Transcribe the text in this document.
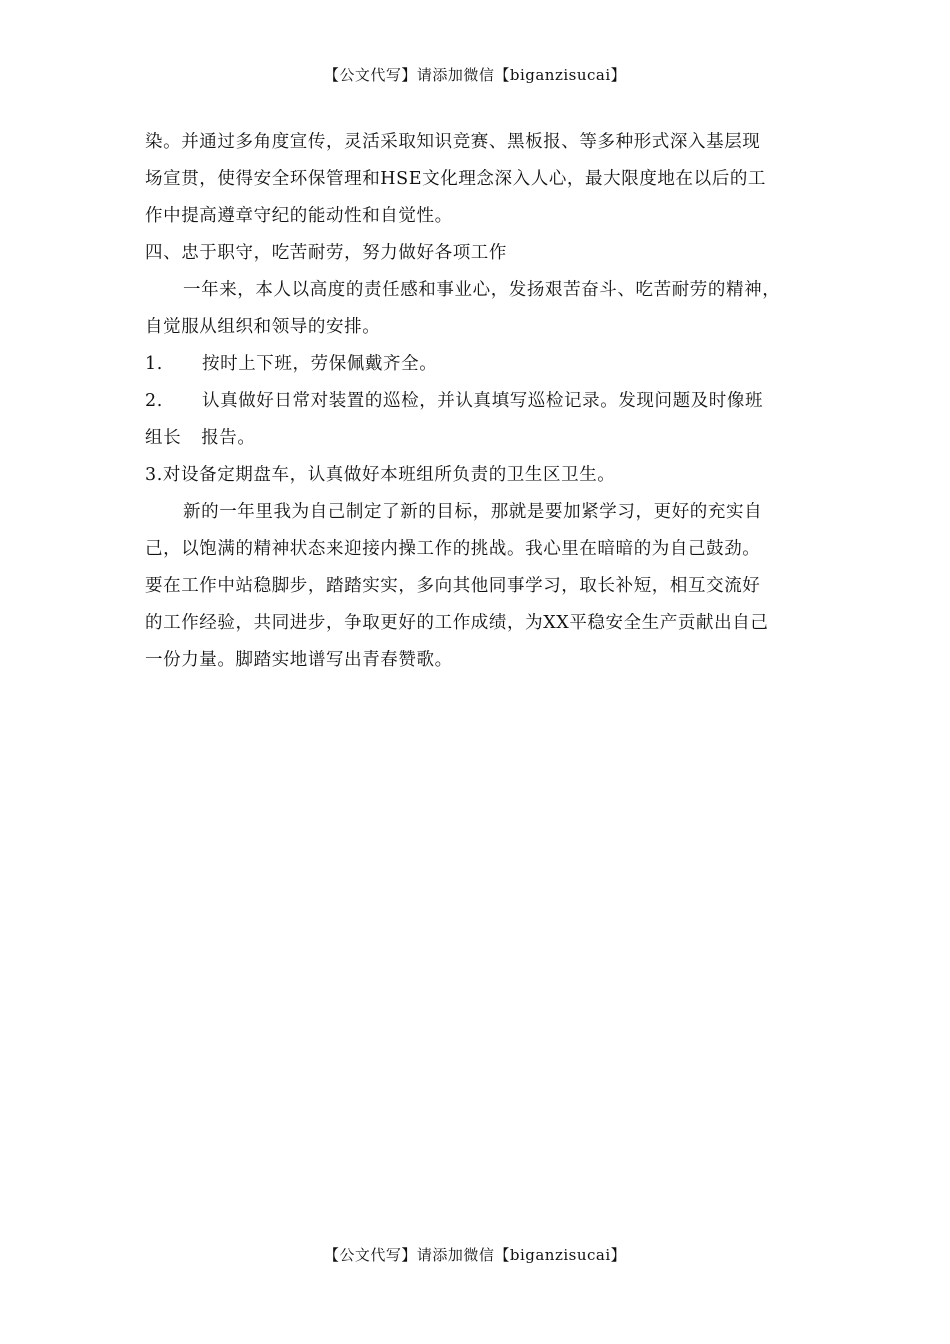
【公文代写】请添加微信【biganzisucai】
染。并通过多角度宣传，灵活采取知识竞赛、黑板报、等多种形式深入基层现
场宣贯，使得安全环保管理和HSE文化理念深入人心，最大限度地在以后的工
作中提高遵章守纪的能动性和自觉性。
四、忠于职守，吃苦耐劳，努力做好各项工作
一年来，本人以高度的责任感和事业心，发扬艰苦奋斗、吃苦耐劳的精神，
自觉服从组织和领导的安排。
1. 按时上下班，劳保佩戴齐全。
2. 认真做好日常对装置的巡检，并认真填写巡检记录。发现问题及时像班
组长 报告。
3.对设备定期盘车，认真做好本班组所负责的卫生区卫生。
新的一年里我为自己制定了新的目标，那就是要加紧学习，更好的充实自
己，以饱满的精神状态来迎接内操工作的挑战。我心里在暗暗的为自己鼓劲。
要在工作中站稳脚步，踏踏实实，多向其他同事学习，取长补短，相互交流好
的工作经验，共同进步，争取更好的工作成绩，为XX平稳安全生产贡献出自己
一份力量。脚踏实地谱写出青春赞歌。
【公文代写】请添加微信【biganzisucai】
